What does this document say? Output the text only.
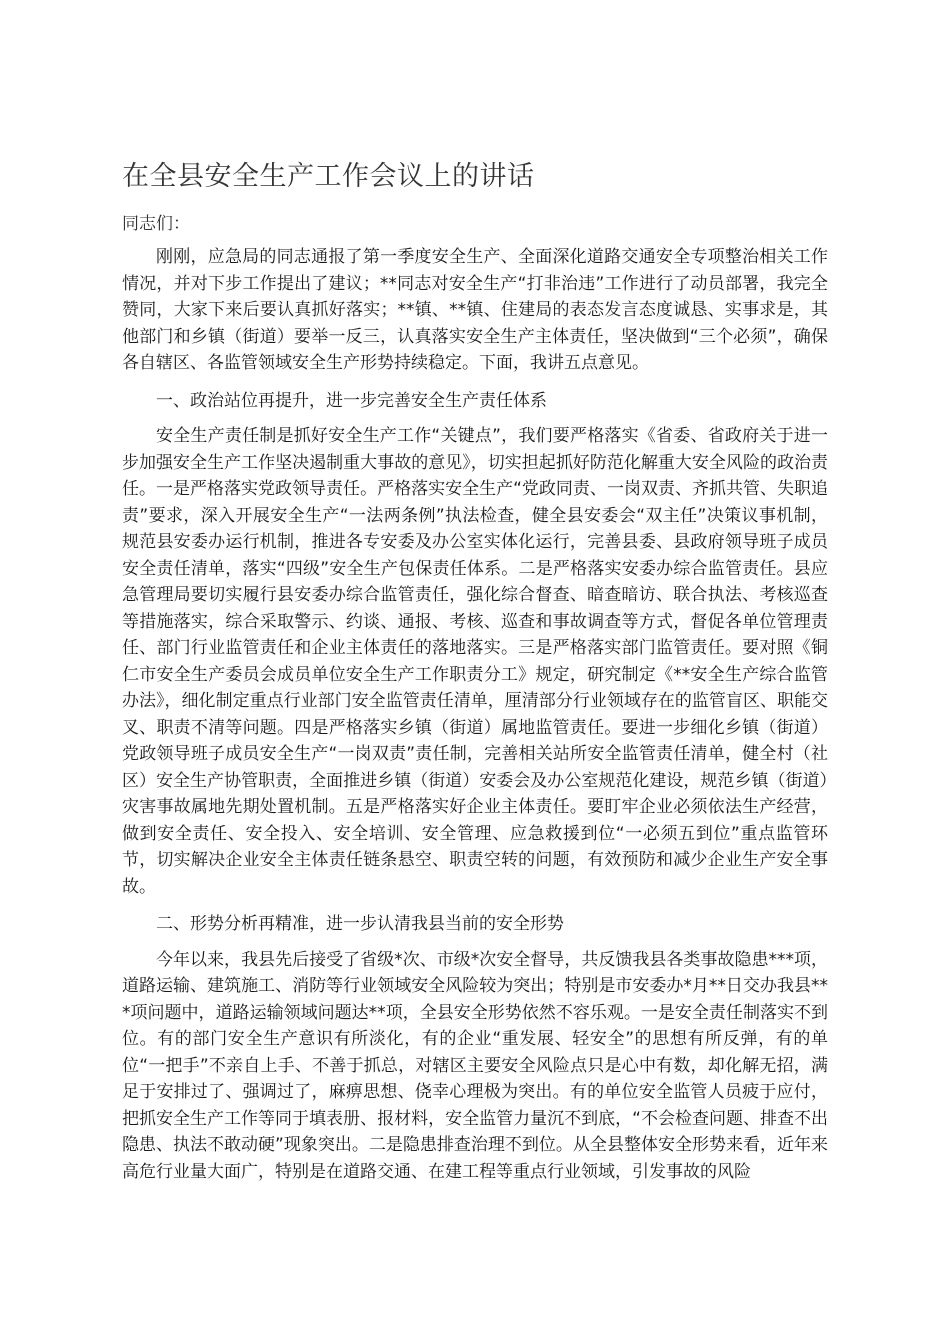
在全县安全生产工作会议上的讲话

同志们：

刚刚，应急局的同志通报了第一季度安全生产、全面深化道路交通安全专项整治相关工作情况，并对下步工作提出了建议；**同志对安全生产“打非治违”工作进行了动员部署，我完全赞同，大家下来后要认真抓好落实；**镇、**镇、住建局的表态发言态度诚恳、实事求是，其他部门和乡镇（街道）要举一反三，认真落实安全生产主体责任，坚决做到“三个必须”，确保各自辖区、各监管领域安全生产形势持续稳定。下面，我讲五点意见。

一、政治站位再提升，进一步完善安全生产责任体系

安全生产责任制是抓好安全生产工作“关键点”，我们要严格落实《省委、省政府关于进一步加强安全生产工作坚决遏制重大事故的意见》，切实担起抓好防范化解重大安全风险的政治责任。一是严格落实党政领导责任。严格落实安全生产“党政同责、一岗双责、齐抓共管、失职追责”要求，深入开展安全生产“一法两条例”执法检查，健全县安委会“双主任”决策议事机制，规范县安委办运行机制，推进各专安委及办公室实体化运行，完善县委、县政府领导班子成员安全责任清单，落实“四级”安全生产包保责任体系。二是严格落实安委办综合监管责任。县应急管理局要切实履行县安委办综合监管责任，强化综合督查、暗查暗访、联合执法、考核巡查等措施落实，综合采取警示、约谈、通报、考核、巡查和事故调查等方式，督促各单位管理责任、部门行业监管责任和企业主体责任的落地落实。三是严格落实部门监管责任。要对照《铜仁市安全生产委员会成员单位安全生产工作职责分工》规定，研究制定《**安全生产综合监管办法》，细化制定重点行业部门安全监管责任清单，厘清部分行业领域存在的监管盲区、职能交叉、职责不清等问题。四是严格落实乡镇（街道）属地监管责任。要进一步细化乡镇（街道）党政领导班子成员安全生产“一岗双责”责任制，完善相关站所安全监管责任清单，健全村（社区）安全生产协管职责，全面推进乡镇（街道）安委会及办公室规范化建设，规范乡镇（街道）灾害事故属地先期处置机制。五是严格落实好企业主体责任。要盯牢企业必须依法生产经营，做到安全责任、安全投入、安全培训、安全管理、应急救援到位“一必须五到位”重点监管环节，切实解决企业安全主体责任链条悬空、职责空转的问题，有效预防和减少企业生产安全事故。

二、形势分析再精准，进一步认清我县当前的安全形势

今年以来，我县先后接受了省级*次、市级*次安全督导，共反馈我县各类事故隐患***项，道路运输、建筑施工、消防等行业领域安全风险较为突出；特别是市安委办*月**日交办我县***项问题中，道路运输领域问题达**项，全县安全形势依然不容乐观。一是安全责任制落实不到位。有的部门安全生产意识有所淡化，有的企业“重发展、轻安全”的思想有所反弹，有的单位“一把手”不亲自上手、不善于抓总，对辖区主要安全风险点只是心中有数，却化解无招，满足于安排过了、强调过了，麻痹思想、侥幸心理极为突出。有的单位安全监管人员疲于应付，把抓安全生产工作等同于填表册、报材料，安全监管力量沉不到底，“不会检查问题、排查不出隐患、执法不敢动硬”现象突出。二是隐患排查治理不到位。从全县整体安全形势来看，近年来高危行业量大面广，特别是在道路交通、在建工程等重点行业领域，引发事故的风险
